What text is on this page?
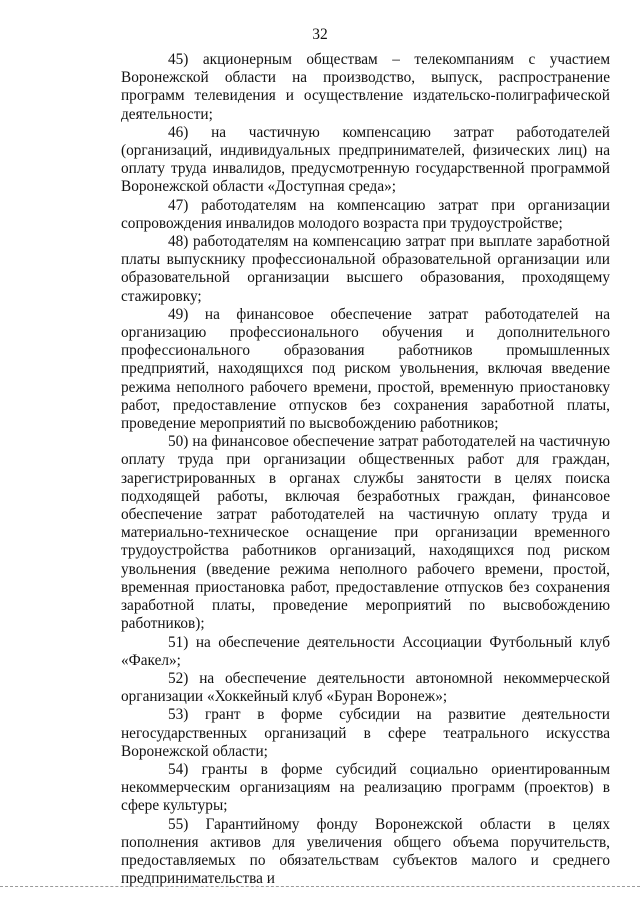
32

45) акционерным обществам – телекомпаниям с участием Воронежской области на производство, выпуск, распространение программ телевидения и осуществление издательско-полиграфической деятельности;

46) на частичную компенсацию затрат работодателей (организаций, индивидуальных предпринимателей, физических лиц) на оплату труда инвалидов, предусмотренную государственной программой Воронежской области «Доступная среда»;

47) работодателям на компенсацию затрат при организации сопровождения инвалидов молодого возраста при трудоустройстве;

48) работодателям на компенсацию затрат при выплате заработной платы выпускнику профессиональной образовательной организации или образовательной организации высшего образования, проходящему стажировку;

49) на финансовое обеспечение затрат работодателей на организацию профессионального обучения и дополнительного профессионального образования работников промышленных предприятий, находящихся под риском увольнения, включая введение режима неполного рабочего времени, простой, временную приостановку работ, предоставление отпусков без сохранения заработной платы, проведение мероприятий по высвобождению работников;

50) на финансовое обеспечение затрат работодателей на частичную оплату труда при организации общественных работ для граждан, зарегистрированных в органах службы занятости в целях поиска подходящей работы, включая безработных граждан, финансовое обеспечение затрат работодателей на частичную оплату труда и материально-техническое оснащение при организации временного трудоустройства работников организаций, находящихся под риском увольнения (введение режима неполного рабочего времени, простой, временная приостановка работ, предоставление отпусков без сохранения заработной платы, проведение мероприятий по высвобождению работников);

51) на обеспечение деятельности Ассоциации Футбольный клуб «Факел»;

52) на обеспечение деятельности автономной некоммерческой организации «Хоккейный клуб «Буран Воронеж»;

53) грант в форме субсидии на развитие деятельности негосударственных организаций в сфере театрального искусства Воронежской области;

54) гранты в форме субсидий социально ориентированным некоммерческим организациям на реализацию программ (проектов) в сфере культуры;

55) Гарантийному фонду Воронежской области в целях пополнения активов для увеличения общего объема поручительств, предоставляемых по обязательствам субъектов малого и среднего предпринимательства и
